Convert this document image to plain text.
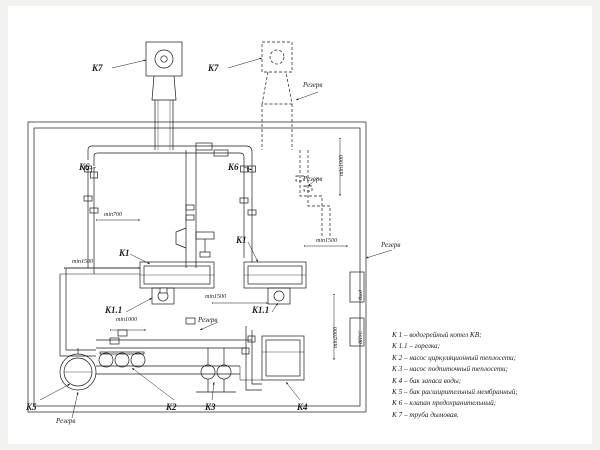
K7	K7
K6	K6
K1
K1
K1.1	K1.1
K5	K2	K3	K4
Резерв
Резерв
Резерв
Резерв
Резерв
min700
min1500
min1500
min1000
min1500
min1000
min2000
Вход
ВПУС	К 1 – водогрейный котел КВ;
К 1.1 – горелка;
К 2 – насос циркуляционный теплосети;
К 3 – насос подпиточный теплосети;
К 4 – бак запаса воды;
К 5 – бак расширительный мембранный;
К 6 – клапан предохранительный;
К 7 – труба дымовая.
